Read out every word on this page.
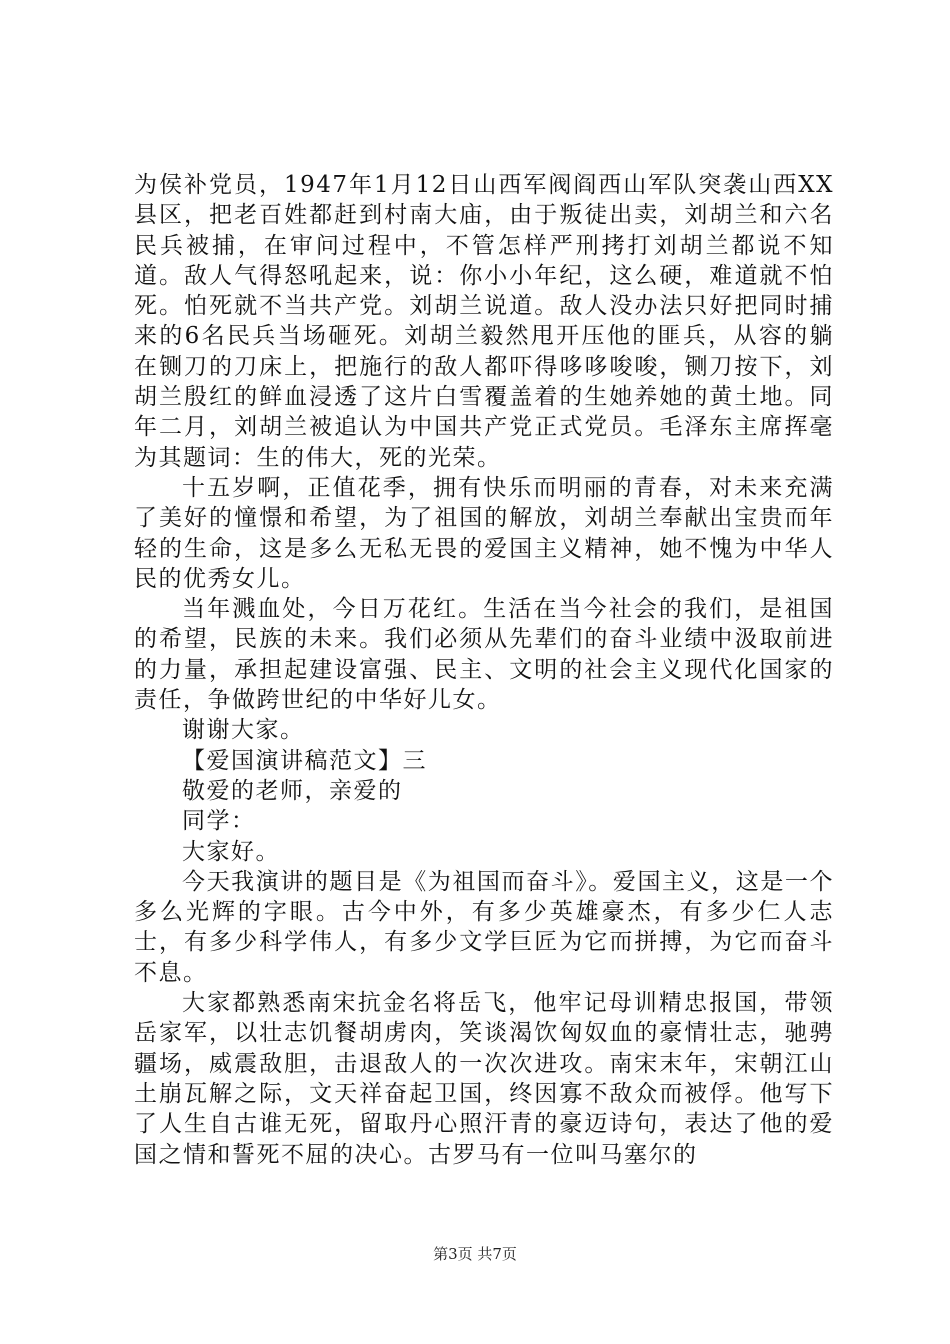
为侯补党员，1947年1月12日山西军阀阎西山军队突袭山西XX县区，把老百姓都赶到村南大庙，由于叛徒出卖，刘胡兰和六名民兵被捕，在审问过程中，不管怎样严刑拷打刘胡兰都说不知道。敌人气得怒吼起来，说：你小小年纪，这么硬，难道就不怕死。怕死就不当共产党。刘胡兰说道。敌人没办法只好把同时捕来的6名民兵当场砸死。刘胡兰毅然甩开压他的匪兵，从容的躺在铡刀的刀床上，把施行的敌人都吓得哆哆唆唆，铡刀按下，刘胡兰殷红的鲜血浸透了这片白雪覆盖着的生她养她的黄土地。同年二月，刘胡兰被追认为中国共产党正式党员。毛泽东主席挥毫为其题词：生的伟大，死的光荣。

十五岁啊，正值花季，拥有快乐而明丽的青春，对未来充满了美好的憧憬和希望，为了祖国的解放，刘胡兰奉献出宝贵而年轻的生命，这是多么无私无畏的爱国主义精神，她不愧为中华人民的优秀女儿。

当年溅血处，今日万花红。生活在当今社会的我们，是祖国的希望，民族的未来。我们必须从先辈们的奋斗业绩中汲取前进的力量，承担起建设富强、民主、文明的社会主义现代化国家的责任，争做跨世纪的中华好儿女。

谢谢大家。

【爱国演讲稿范文】三

敬爱的老师，亲爱的

同学：

大家好。

今天我演讲的题目是《为祖国而奋斗》。爱国主义，这是一个多么光辉的字眼。古今中外，有多少英雄豪杰，有多少仁人志士，有多少科学伟人，有多少文学巨匠为它而拼搏，为它而奋斗不息。

大家都熟悉南宋抗金名将岳飞，他牢记母训精忠报国，带领岳家军，以壮志饥餐胡虏肉，笑谈渴饮匈奴血的豪情壮志，驰骋疆场，威震敌胆，击退敌人的一次次进攻。南宋末年，宋朝江山土崩瓦解之际，文天祥奋起卫国，终因寡不敌众而被俘。他写下了人生自古谁无死，留取丹心照汗青的豪迈诗句，表达了他的爱国之情和誓死不屈的决心。古罗马有一位叫马塞尔的

第3页 共7页
